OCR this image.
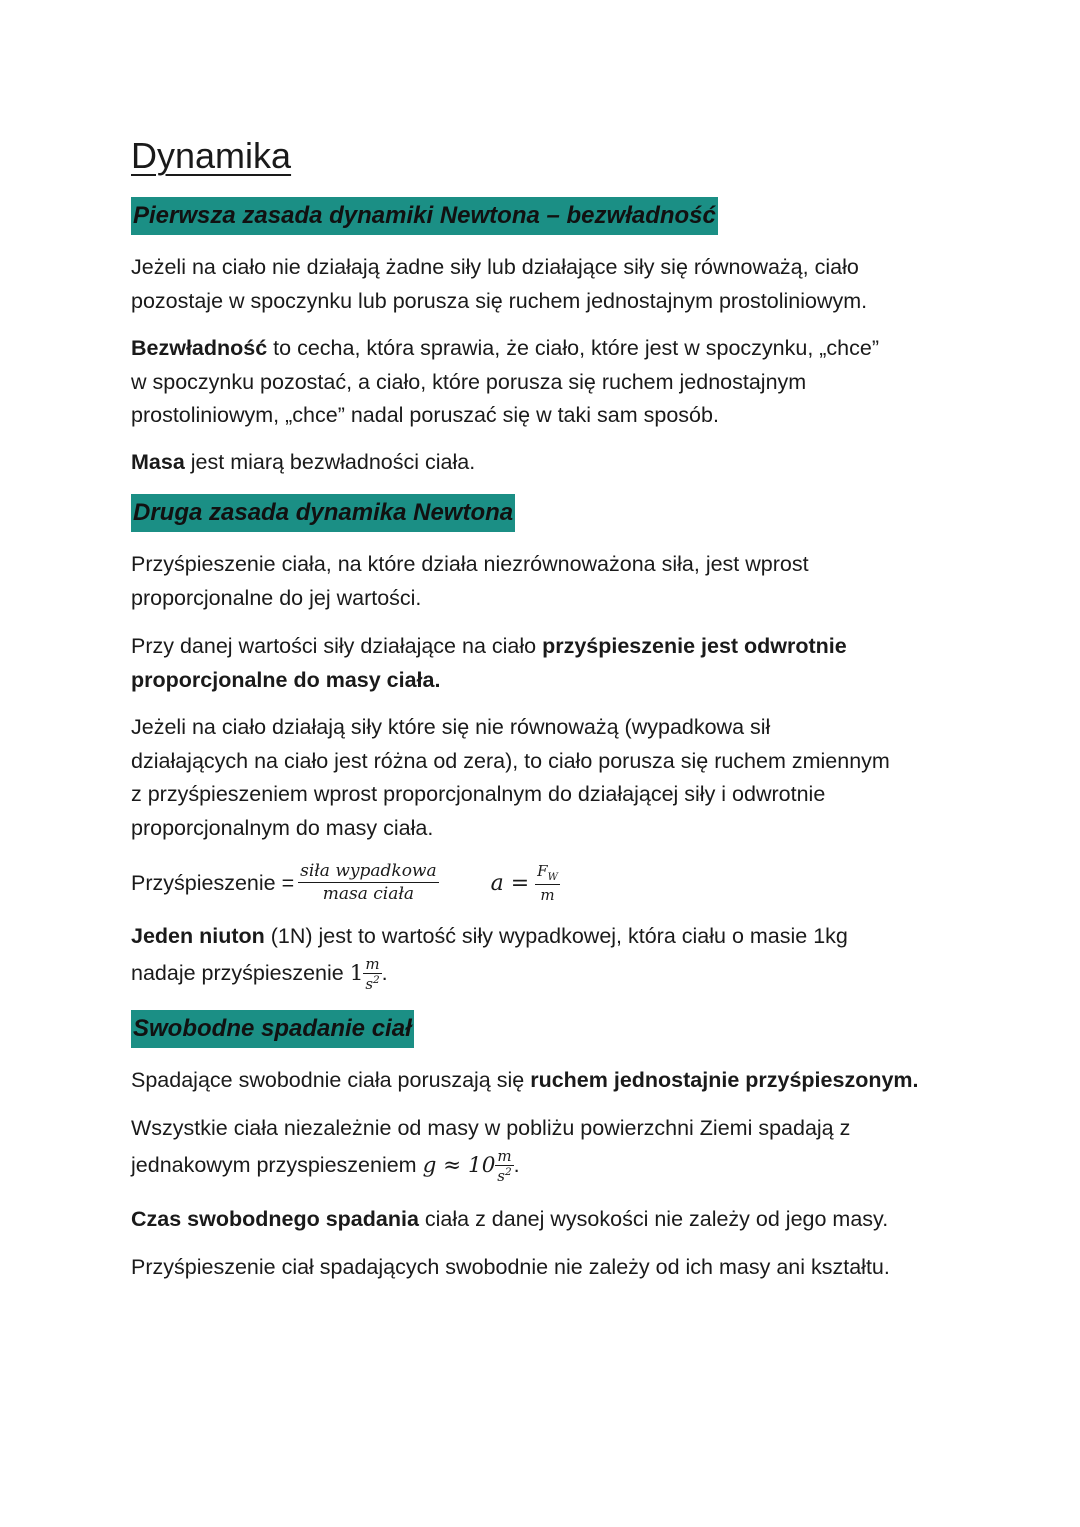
Dynamika
Pierwsza zasada dynamiki Newtona – bezwładność

Jeżeli na ciało nie działają żadne siły lub działające siły się równoważą, ciało
pozostaje w spoczynku lub porusza się ruchem jednostajnym prostoliniowym.

Bezwładność to cecha, która sprawia, że ciało, które jest w spoczynku, „chce”
w spoczynku pozostać, a ciało, które porusza się ruchem jednostajnym
prostoliniowym, „chce” nadal poruszać się w taki sam sposób.

Masa jest miarą bezwładności ciała.

Druga zasada dynamika Newtona

Przyśpieszenie ciała, na które działa niezrównoważona siła, jest wprost
proporcjonalne do jej wartości.

Przy danej wartości siły działające na ciało przyśpieszenie jest odwrotnie
proporcjonalne do masy ciała.

Jeżeli na ciało działają siły które się nie równoważą (wypadkowa sił
działających na ciało jest różna od zera), to ciało porusza się ruchem zmiennym
z przyśpieszeniem wprost proporcjonalnym do działającej siły i odwrotnie
proporcjonalnym do masy ciała.

Przyśpieszenie = $\frac{\text{siła wypadkowa}}{\text{masa ciała}}$ $a = \frac{F_W}{m}$

Jeden niuton (1N) jest to wartość siły wypadkowej, która ciału o masie 1kg
nadaje przyśpieszenie $1 \frac{m}{s^2}$ .

Swobodne spadanie ciał

Spadające swobodnie ciała poruszają się ruchem jednostajnie przyśpieszonym.

Wszystkie ciała niezależnie od masy w pobliżu powierzchni Ziemi spadają z
jednakowym przyspieszeniem $g \approx 10 \frac{m}{s^2}$ .

Czas swobodnego spadania ciała z danej wysokości nie zależy od jego masy.

Przyśpieszenie ciał spadających swobodnie nie zależy od ich masy ani kształtu.
